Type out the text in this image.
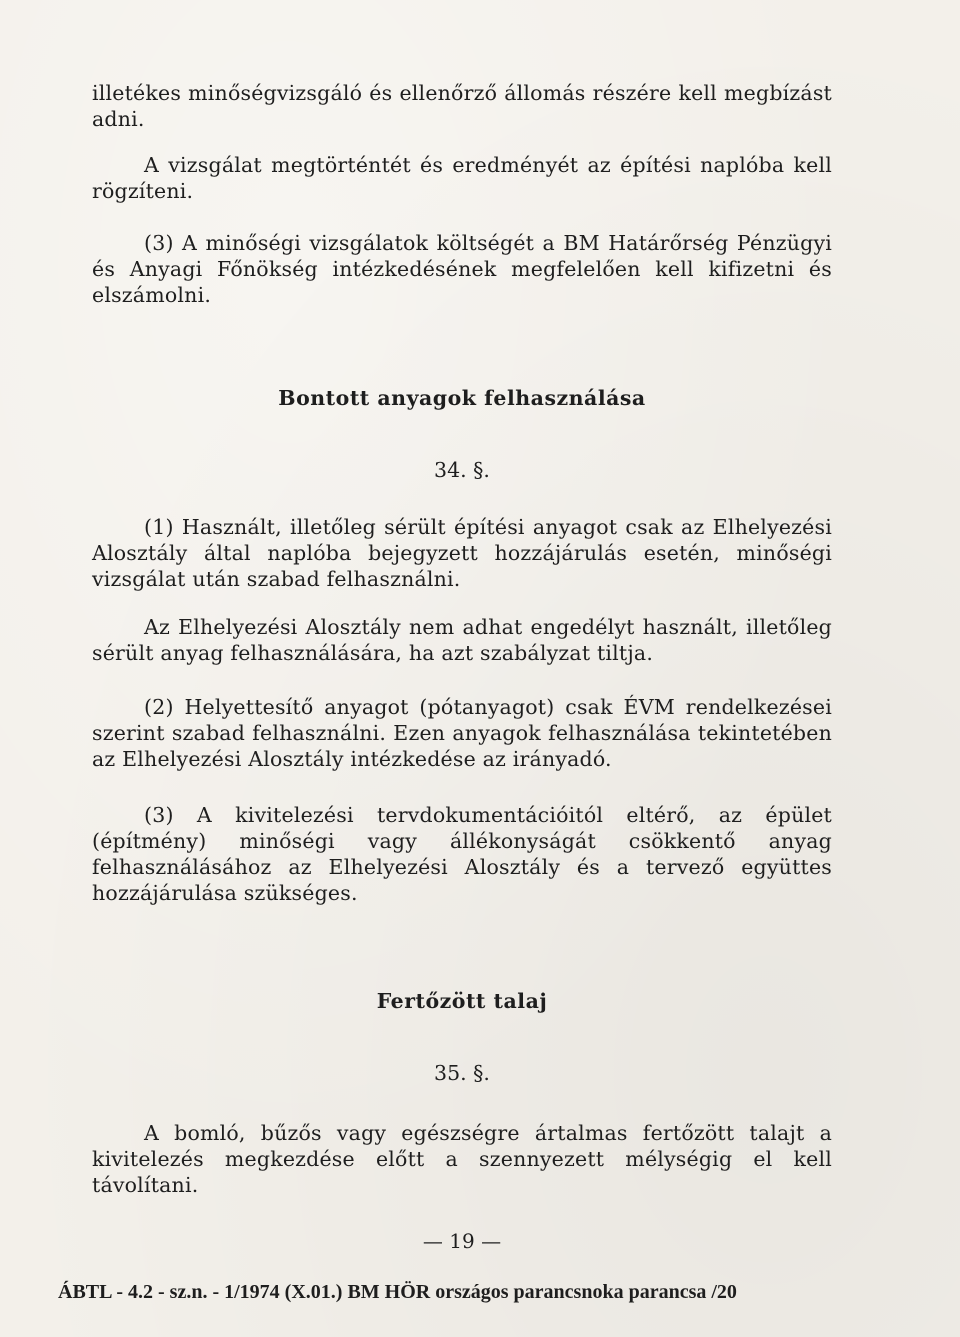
illetékes minőségvizsgáló és ellenőrző állomás részére kell megbízást adni.

A vizsgálat megtörténtét és eredményét az építési naplóba kell rögzíteni.

(3) A minőségi vizsgálatok költségét a BM Határőrség Pénzügyi és Anyagi Főnökség intézkedésének megfelelően kell kifizetni és elszámolni.

Bontott anyagok felhasználása
34. §.

(1) Használt, illetőleg sérült építési anyagot csak az Elhelyezési Alosztály által naplóba bejegyzett hozzájárulás esetén, minőségi vizsgálat után szabad felhasználni.

Az Elhelyezési Alosztály nem adhat engedélyt használt, illetőleg sérült anyag felhasználására, ha azt szabályzat tiltja.

(2) Helyettesítő anyagot (pótanyagot) csak ÉVM rendelkezései szerint szabad felhasználni. Ezen anyagok felhasználása tekintetében az Elhelyezési Alosztály intézkedése az irányadó.

(3) A kivitelezési tervdokumentációitól eltérő, az épület (építmény) minőségi vagy állékonyságát csökkentő anyag felhasználásához az Elhelyezési Alosztály és a tervező együttes hozzájárulása szükséges.

Fertőzött talaj
35. §.

A bomló, bűzős vagy egészségre ártalmas fertőzött talajt a kivitelezés megkezdése előtt a szennyezett mélységig el kell távolítani.

— 19 —
ÁBTL - 4.2 - sz.n. - 1/1974 (X.01.) BM HÖR országos parancsnoka parancsa /20
